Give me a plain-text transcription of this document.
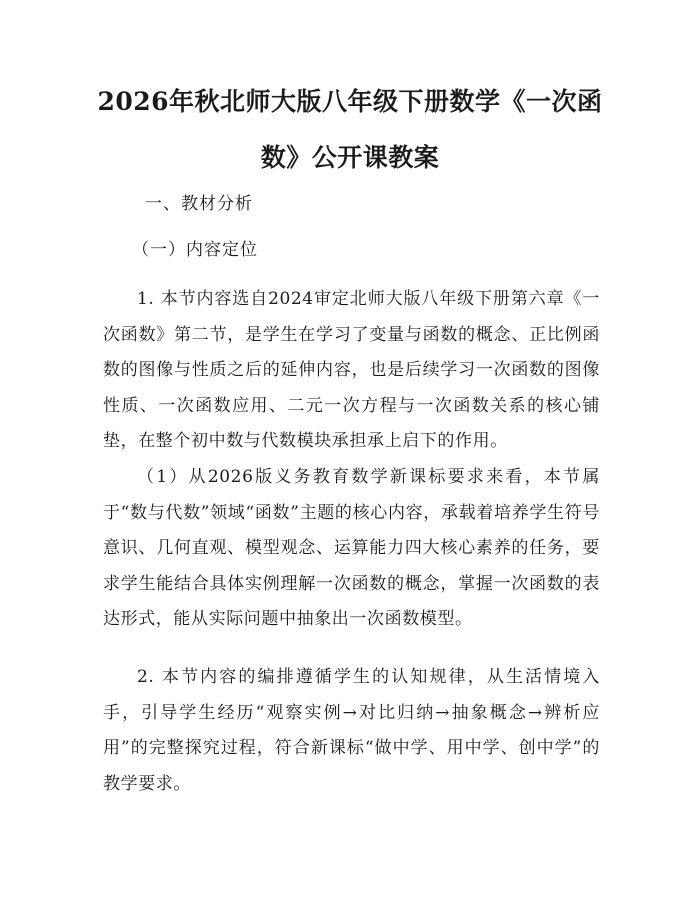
2026年秋北师大版八年级下册数学《一次函数》公开课教案

一、教材分析

（一）内容定位

1. 本节内容选自2024审定北师大版八年级下册第六章《一次函数》第二节，是学生在学习了变量与函数的概念、正比例函数的图像与性质之后的延伸内容，也是后续学习一次函数的图像性质、一次函数应用、二元一次方程与一次函数关系的核心铺垫，在整个初中数与代数模块承担承上启下的作用。

（1）从2026版义务教育数学新课标要求来看，本节属于“数与代数”领域“函数”主题的核心内容，承载着培养学生符号意识、几何直观、模型观念、运算能力四大核心素养的任务，要求学生能结合具体实例理解一次函数的概念，掌握一次函数的表达形式，能从实际问题中抽象出一次函数模型。

2. 本节内容的编排遵循学生的认知规律，从生活情境入手，引导学生经历“观察实例→对比归纳→抽象概念→辨析应用”的完整探究过程，符合新课标“做中学、用中学、创中学”的教学要求。
